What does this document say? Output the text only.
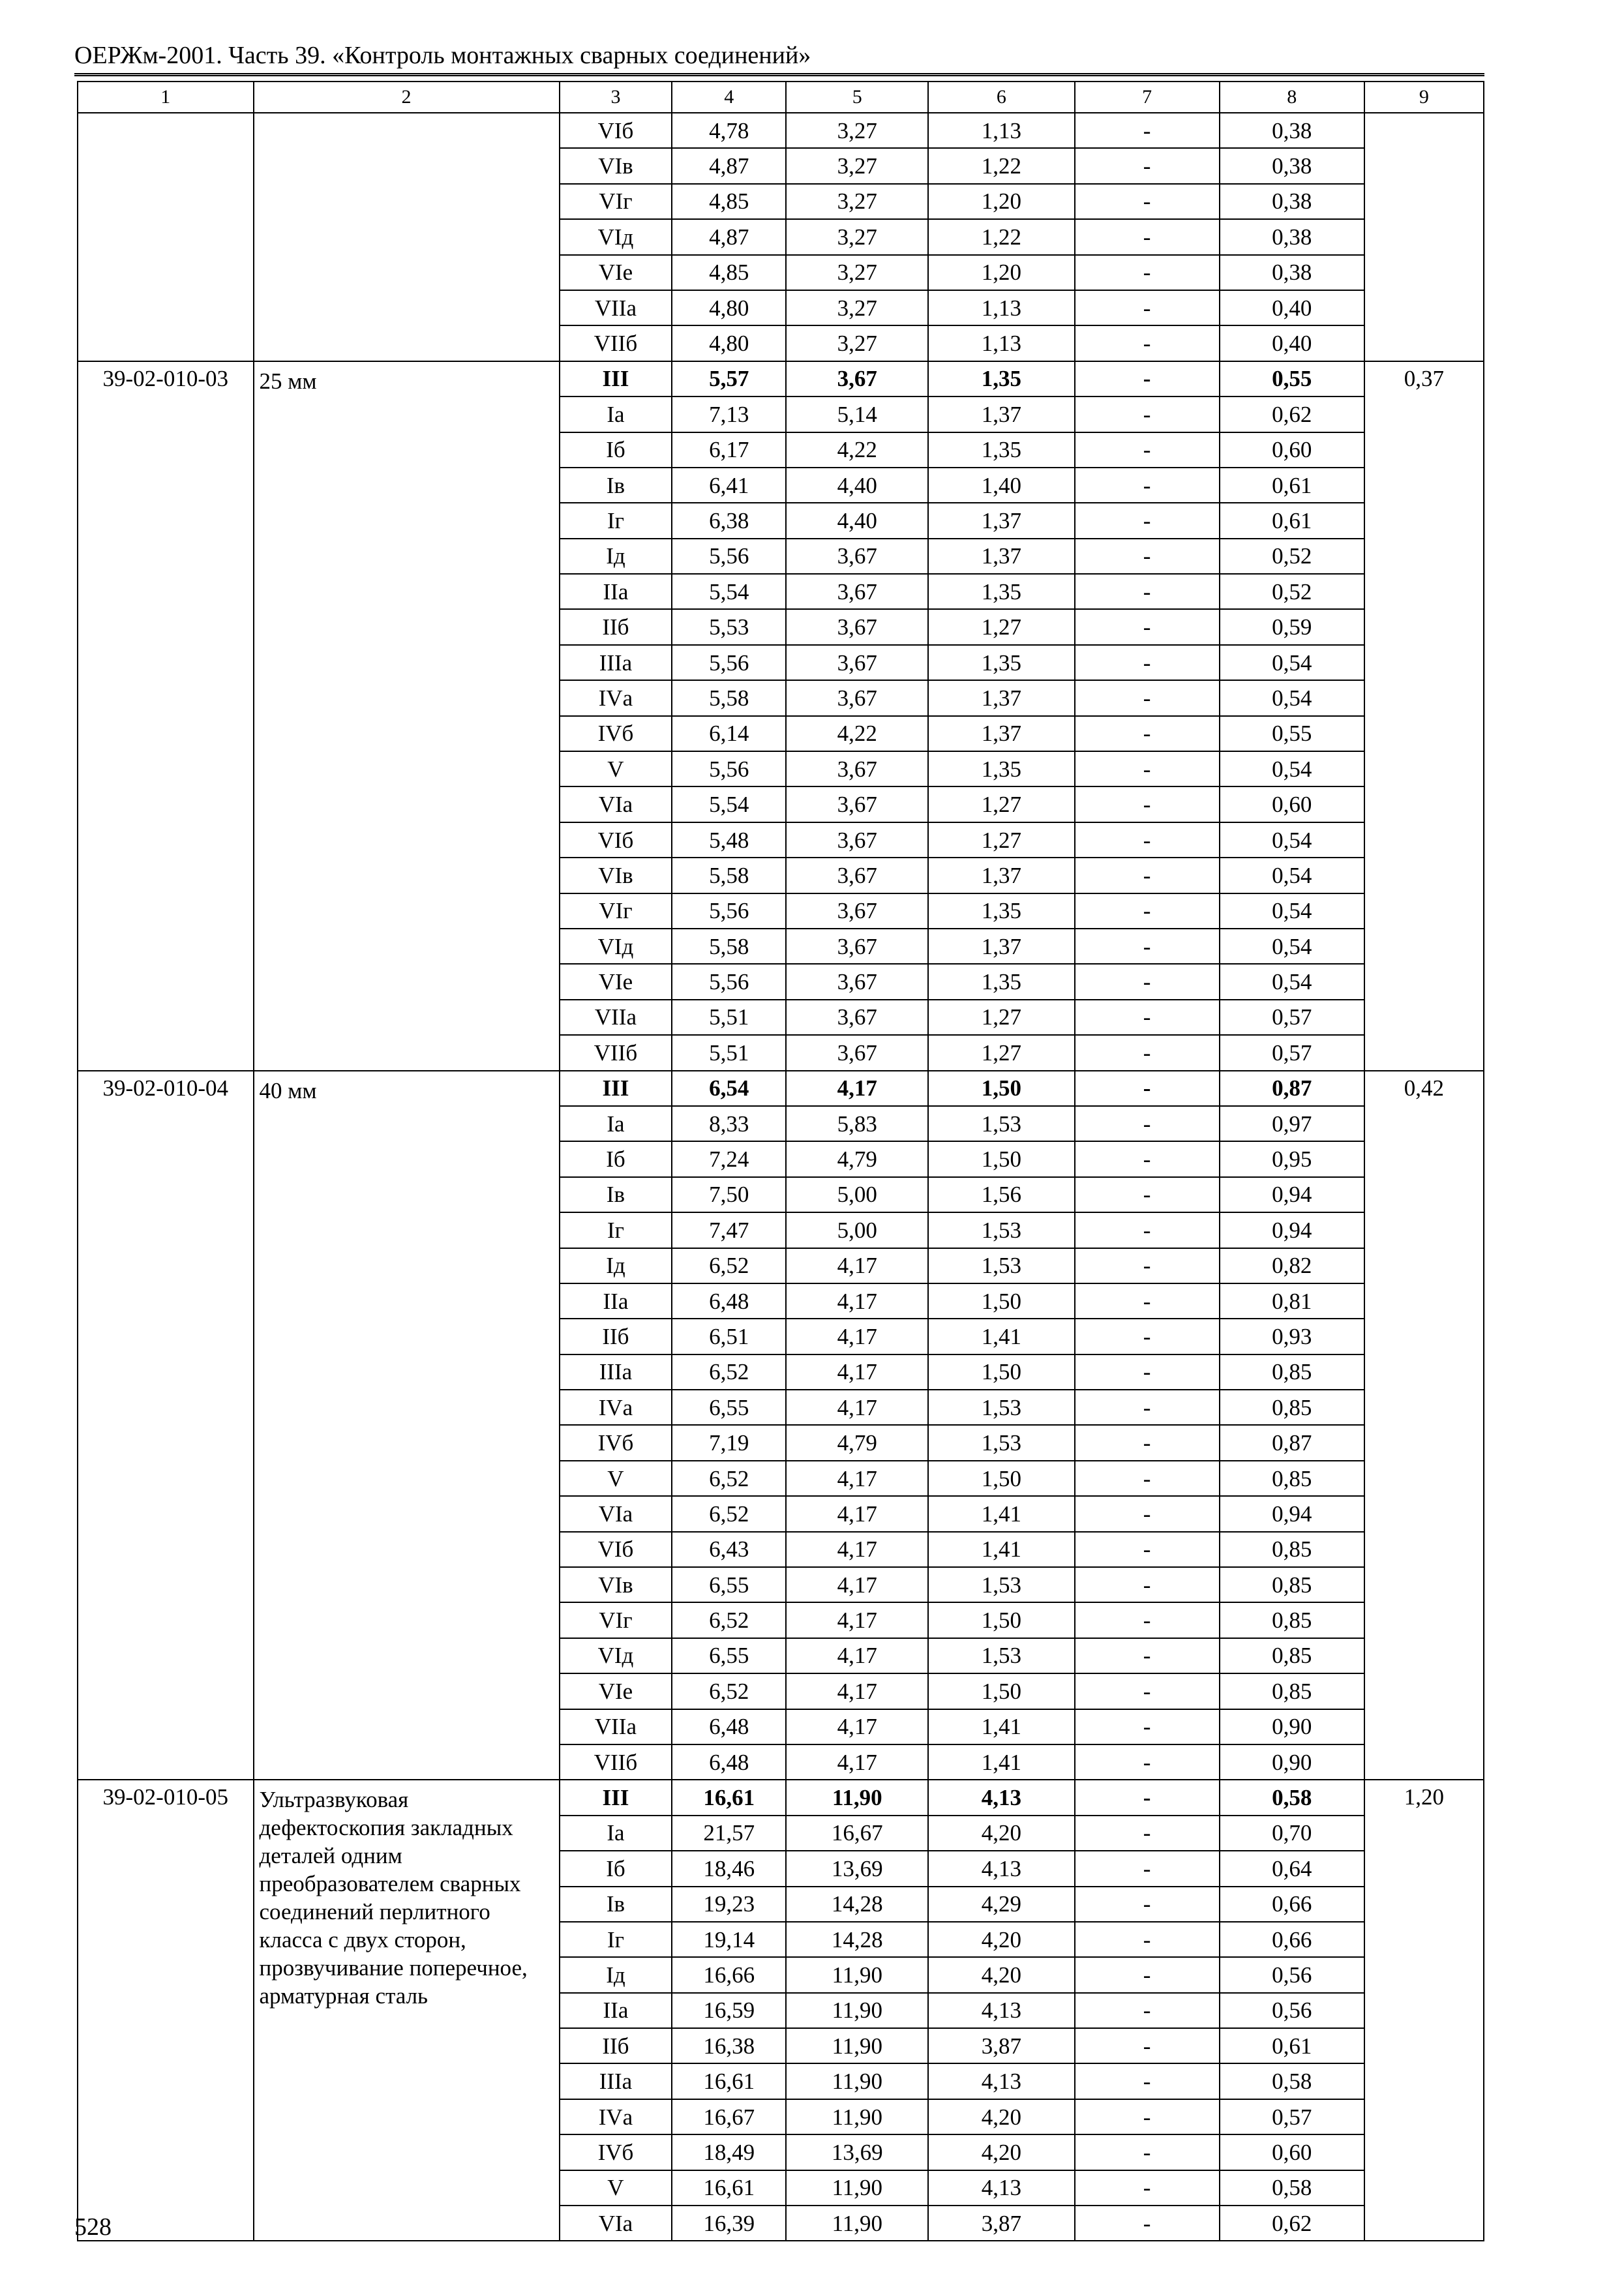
ОЕРЖм-2001. Часть 39. «Контроль монтажных сварных соединений»
1	2	3	4	5	6	7	8	9
		VIб	4,78	3,27	1,13	-	0,38	
		VIв	4,87	3,27	1,22	-	0,38	
		VIг	4,85	3,27	1,20	-	0,38	
		VIд	4,87	3,27	1,22	-	0,38	
		VIе	4,85	3,27	1,20	-	0,38	
		VIIа	4,80	3,27	1,13	-	0,40	
		VIIб	4,80	3,27	1,13	-	0,40	
39-02-010-03	25 мм	III	5,57	3,67	1,35	-	0,55	0,37
		Iа	7,13	5,14	1,37	-	0,62	
		Iб	6,17	4,22	1,35	-	0,60	
		Iв	6,41	4,40	1,40	-	0,61	
		Iг	6,38	4,40	1,37	-	0,61	
		Iд	5,56	3,67	1,37	-	0,52	
		IIа	5,54	3,67	1,35	-	0,52	
		IIб	5,53	3,67	1,27	-	0,59	
		IIIа	5,56	3,67	1,35	-	0,54	
		IVа	5,58	3,67	1,37	-	0,54	
		IVб	6,14	4,22	1,37	-	0,55	
		V	5,56	3,67	1,35	-	0,54	
		VIа	5,54	3,67	1,27	-	0,60	
		VIб	5,48	3,67	1,27	-	0,54	
		VIв	5,58	3,67	1,37	-	0,54	
		VIг	5,56	3,67	1,35	-	0,54	
		VIд	5,58	3,67	1,37	-	0,54	
		VIе	5,56	3,67	1,35	-	0,54	
		VIIа	5,51	3,67	1,27	-	0,57	
		VIIб	5,51	3,67	1,27	-	0,57	
39-02-010-04	40 мм	III	6,54	4,17	1,50	-	0,87	0,42
		Iа	8,33	5,83	1,53	-	0,97	
		Iб	7,24	4,79	1,50	-	0,95	
		Iв	7,50	5,00	1,56	-	0,94	
		Iг	7,47	5,00	1,53	-	0,94	
		Iд	6,52	4,17	1,53	-	0,82	
		IIа	6,48	4,17	1,50	-	0,81	
		IIб	6,51	4,17	1,41	-	0,93	
		IIIа	6,52	4,17	1,50	-	0,85	
		IVа	6,55	4,17	1,53	-	0,85	
		IVб	7,19	4,79	1,53	-	0,87	
		V	6,52	4,17	1,50	-	0,85	
		VIа	6,52	4,17	1,41	-	0,94	
		VIб	6,43	4,17	1,41	-	0,85	
		VIв	6,55	4,17	1,53	-	0,85	
		VIг	6,52	4,17	1,50	-	0,85	
		VIд	6,55	4,17	1,53	-	0,85	
		VIе	6,52	4,17	1,50	-	0,85	
		VIIа	6,48	4,17	1,41	-	0,90	
		VIIб	6,48	4,17	1,41	-	0,90	
39-02-010-05	Ультразвуковая дефектоскопия закладных деталей одним преобразователем сварных соединений перлитного класса с двух сторон, прозвучивание поперечное, арматурная сталь	III	16,61	11,90	4,13	-	0,58	1,20
		Iа	21,57	16,67	4,20	-	0,70	
		Iб	18,46	13,69	4,13	-	0,64	
		Iв	19,23	14,28	4,29	-	0,66	
		Iг	19,14	14,28	4,20	-	0,66	
		Iд	16,66	11,90	4,20	-	0,56	
		IIа	16,59	11,90	4,13	-	0,56	
		IIб	16,38	11,90	3,87	-	0,61	
		IIIа	16,61	11,90	4,13	-	0,58	
		IVа	16,67	11,90	4,20	-	0,57	
		IVб	18,49	13,69	4,20	-	0,60	
		V	16,61	11,90	4,13	-	0,58	
		VIа	16,39	11,90	3,87	-	0,62	
528
